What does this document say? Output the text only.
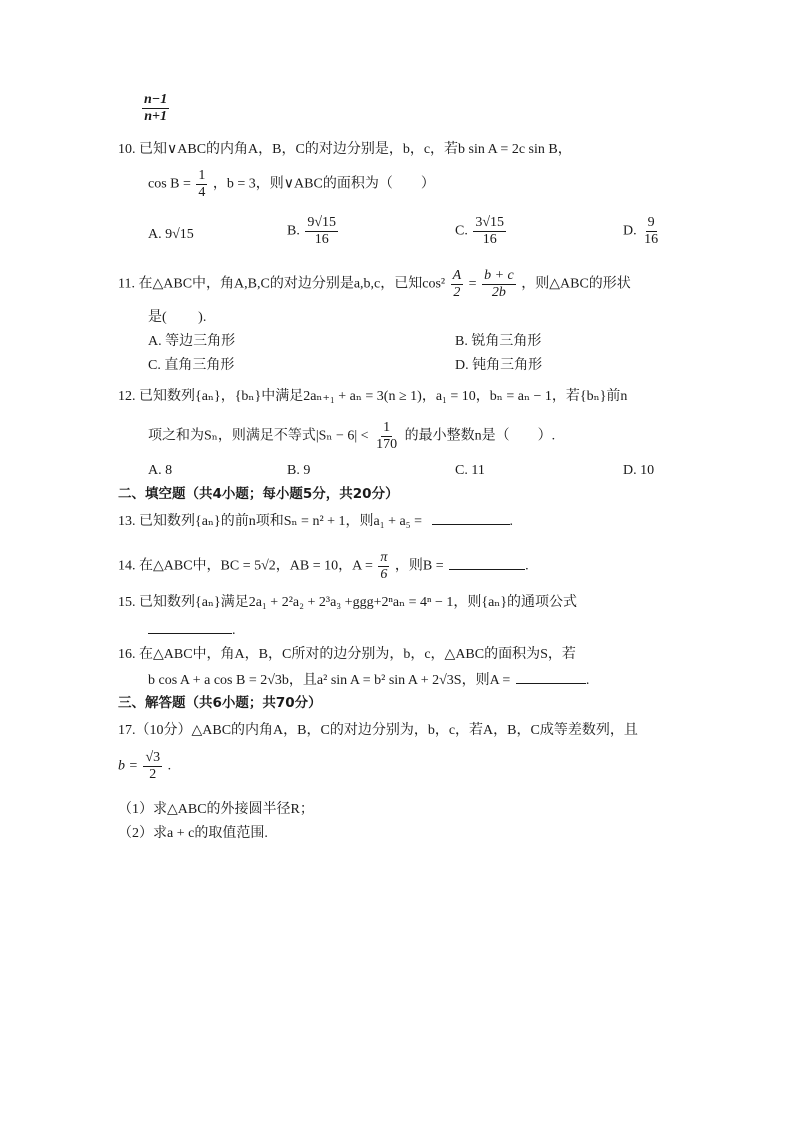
$\frac{n-1}{n+1}$
10. 已知∨ABC的内角A，B，C的对边分别是，b，c，若b sin A = 2c sin B，
$\cos B = \frac{1}{4}$ ，b = 3，则∨ABC的面积为（　　）
A. 9√15	B. $\frac{9√15}{16}$	C. $\frac{3√15}{16}$	D. $\frac{9}{16}$
11. 在△ABC中，角A,B,C的对边分别是a,b,c，已知$\cos^2 \frac{A}{2} = \frac{b + c}{2b}$ ，则△ABC的形状
是(　　 ).
A. 等边三角形	B. 锐角三角形
C. 直角三角形	D. 钝角三角形
12. 已知数列{aₙ}，{bₙ}中满足2aₙ₊₁ + aₙ = 3(n ≥ 1)，a₁ = 10，bₙ = aₙ − 1，若{bₙ}前n
项之和为Sₙ，则满足不等式$|S_n - 6| < \frac{1}{170}$ 的最小整数n是（　　）.
A. 8	B. 9	C. 11	D. 10
二、填空题（共4小题；每小题5分，共20分）
13. 已知数列{aₙ}的前n项和Sₙ = n² + 1，则a₁ + a₅ =	.
14. 在△ABC中，BC = 5√2，AB = 10，$A = \frac{\pi}{6}$ ，则B =	.
15. 已知数列{aₙ}满足2a₁ + 2²a₂ + 2³a₃ +ggg+2ⁿaₙ = 4ⁿ − 1，则{aₙ}的通项公式
.
16. 在△ABC中，角A，B，C所对的边分别为，b，c，△ABC的面积为S，若
b cos A + a cos B = 2√3b，且a² sin A = b² sin A + 2√3S，则A =	.
三、解答题（共6小题；共70分）
17.（10分）△ABC的内角A，B，C的对边分别为，b，c，若A，B，C成等差数列，且
$b = \frac{√3}{2}$ .
（1）求△ABC的外接圆半径R；
（2）求a + c的取值范围.
